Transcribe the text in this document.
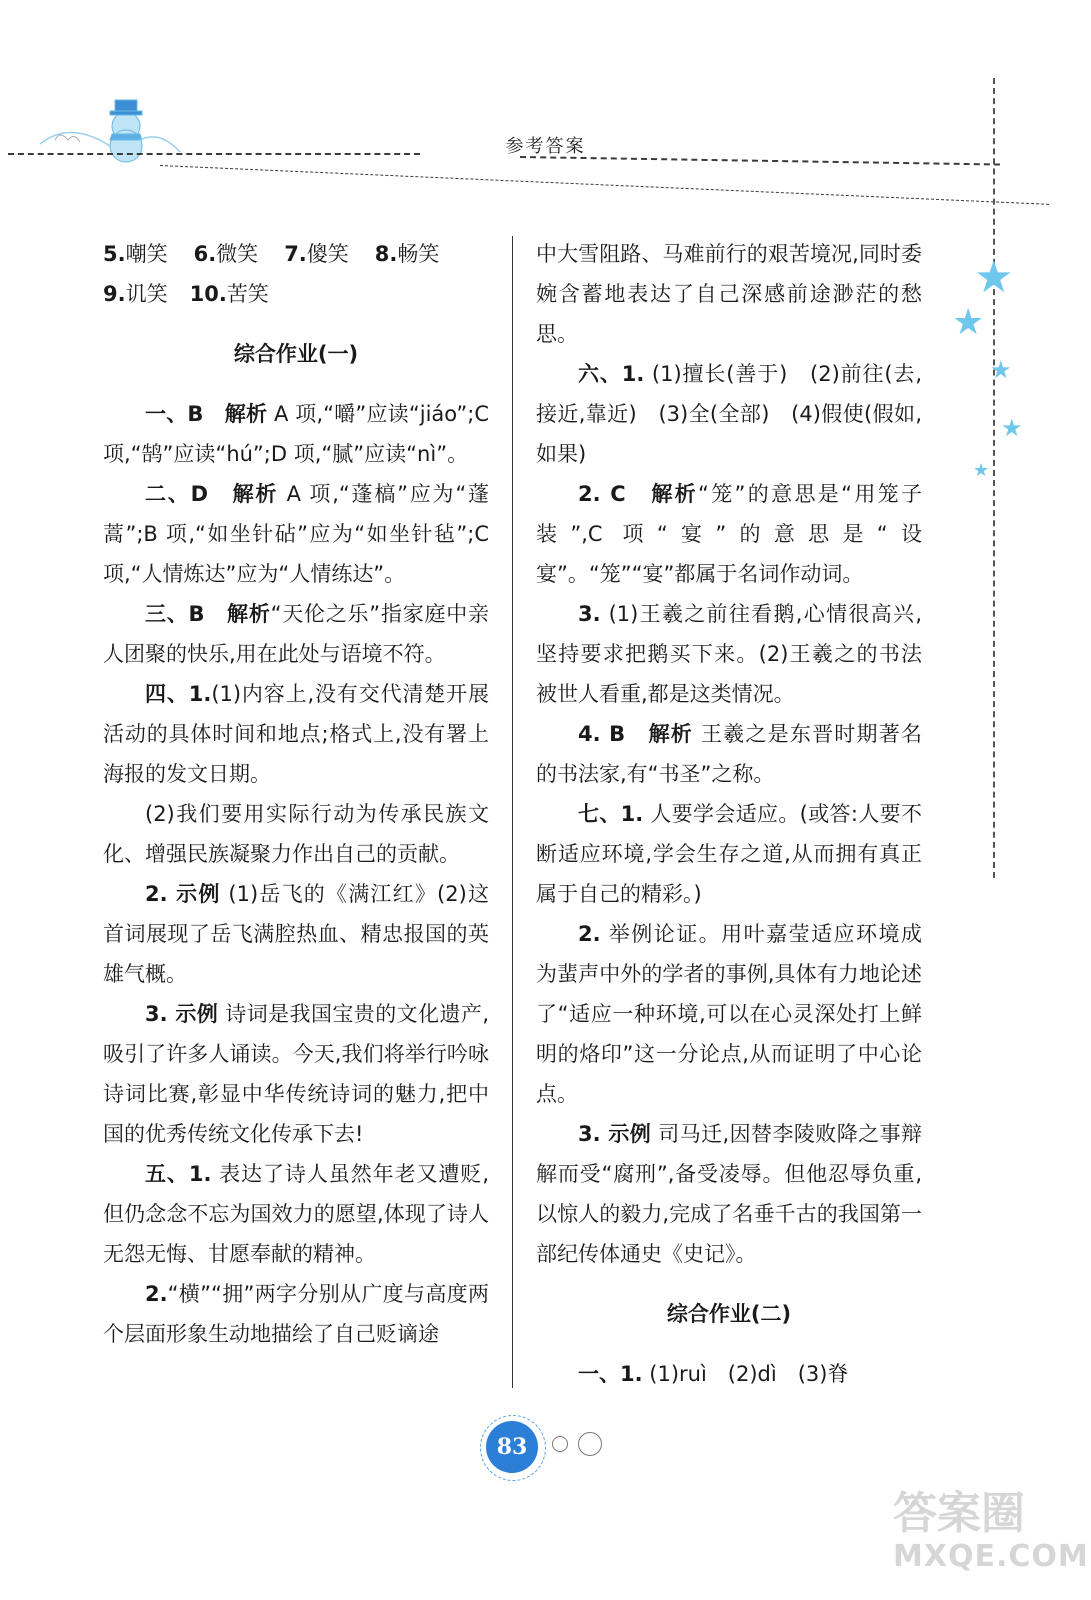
参考答案
★
★
★
★
★

5.嘲笑 6.微笑 7.傻笑 8.畅笑

9.讥笑 10.苦笑

综合作业(一)

一、B　解析 A 项,“嚼”应读“jiáo”;C 项,“鹄”应读“hú”;D 项,“腻”应读“nì”。

二、D　解析 A 项,“蓬槁”应为“蓬蒿”;B 项,“如坐针砧”应为“如坐针毡”;C 项,“人情炼达”应为“人情练达”。

三、B　解析“天伦之乐”指家庭中亲人团聚的快乐,用在此处与语境不符。

四、1.(1)内容上,没有交代清楚开展活动的具体时间和地点;格式上,没有署上海报的发文日期。

(2)我们要用实际行动为传承民族文化、增强民族凝聚力作出自己的贡献。

2. 示例 (1)岳飞的《满江红》(2)这首词展现了岳飞满腔热血、精忠报国的英雄气概。

3. 示例 诗词是我国宝贵的文化遗产,吸引了许多人诵读。今天,我们将举行吟咏诗词比赛,彰显中华传统诗词的魅力,把中国的优秀传统文化传承下去!

五、1. 表达了诗人虽然年老又遭贬,但仍念念不忘为国效力的愿望,体现了诗人无怨无悔、甘愿奉献的精神。

2.“横”“拥”两字分别从广度与高度两个层面形象生动地描绘了自己贬谪途

中大雪阻路、马难前行的艰苦境况,同时委婉含蓄地表达了自己深感前途渺茫的愁思。

六、1. (1)擅长(善于)　(2)前往(去,接近,靠近)　(3)全(全部)　(4)假使(假如,如果)

2. C　解析“笼”的意思是“用笼子装”,C 项“宴”的意思是“设宴”。“笼”“宴”都属于名词作动词。

3. (1)王羲之前往看鹅,心情很高兴,坚持要求把鹅买下来。(2)王羲之的书法被世人看重,都是这类情况。

4. B　解析 王羲之是东晋时期著名的书法家,有“书圣”之称。

七、1. 人要学会适应。(或答:人要不断适应环境,学会生存之道,从而拥有真正属于自己的精彩。)

2. 举例论证。用叶嘉莹适应环境成为蜚声中外的学者的事例,具体有力地论述了“适应一种环境,可以在心灵深处打上鲜明的烙印”这一分论点,从而证明了中心论点。

3. 示例 司马迁,因替李陵败降之事辩解而受“腐刑”,备受凌辱。但他忍辱负重,以惊人的毅力,完成了名垂千古的我国第一部纪传体通史《史记》。

综合作业(二)

一、1. (1)ruì　(2)dì　(3)脊

83
答案圈
MXQE.COM
